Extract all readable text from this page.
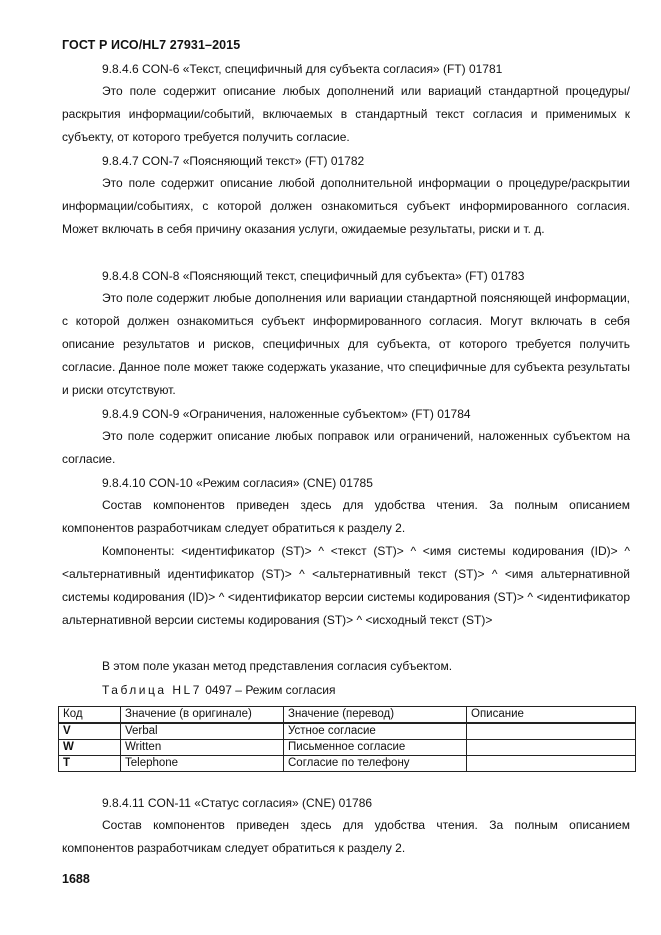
ГОСТ Р ИСО/HL7 27931–2015
9.8.4.6 CON-6 «Текст, специфичный для субъекта согласия» (FT) 01781

Это поле содержит описание любых дополнений или вариаций стандартной процедуры/раскрытия информации/событий, включаемых в стандартный текст согласия и применимых к субъекту, от которого требуется получить согласие.

9.8.4.7 CON-7 «Поясняющий текст» (FT) 01782

Это поле содержит описание любой дополнительной информации о процедуре/раскрытии информации/событиях, с которой должен ознакомиться субъект информированного согласия. Может включать в себя причину оказания услуги, ожидаемые результаты, риски и т. д.

9.8.4.8 CON-8 «Поясняющий текст, специфичный для субъекта» (FT) 01783

Это поле содержит любые дополнения или вариации стандартной поясняющей информации, с которой должен ознакомиться субъект информированного согласия. Могут включать в себя описание результатов и рисков, специфичных для субъекта, от которого требуется получить согласие. Данное поле может также содержать указание, что специфичные для субъекта результаты и риски отсутствуют.

9.8.4.9 CON-9 «Ограничения, наложенные субъектом» (FT) 01784

Это поле содержит описание любых поправок или ограничений, наложенных субъектом на согласие.

9.8.4.10 CON-10 «Режим согласия» (CNE) 01785

Состав компонентов приведен здесь для удобства чтения. За полным описанием компонентов разработчикам следует обратиться к разделу 2.

Компоненты: <идентификатор (ST)> ^ <текст (ST)> ^ <имя системы кодирования (ID)> ^ <альтернативный идентификатор (ST)> ^ <альтернативный текст (ST)> ^ <имя альтернативной системы кодирования (ID)> ^ <идентификатор версии системы кодирования (ST)> ^ <идентификатор альтернативной версии системы кодирования (ST)> ^ <исходный текст (ST)>

В этом поле указан метод представления согласия субъектом.

Таблица HL7 0497 – Режим согласия
Код	Значение (в оригинале)	Значение (перевод)	Описание
V	Verbal	Устное согласие	
W	Written	Письменное согласие	
T	Telephone	Согласие по телефону	
9.8.4.11 CON-11 «Статус согласия» (CNE) 01786

Состав компонентов приведен здесь для удобства чтения. За полным описанием компонентов разработчикам следует обратиться к разделу 2.

1688
